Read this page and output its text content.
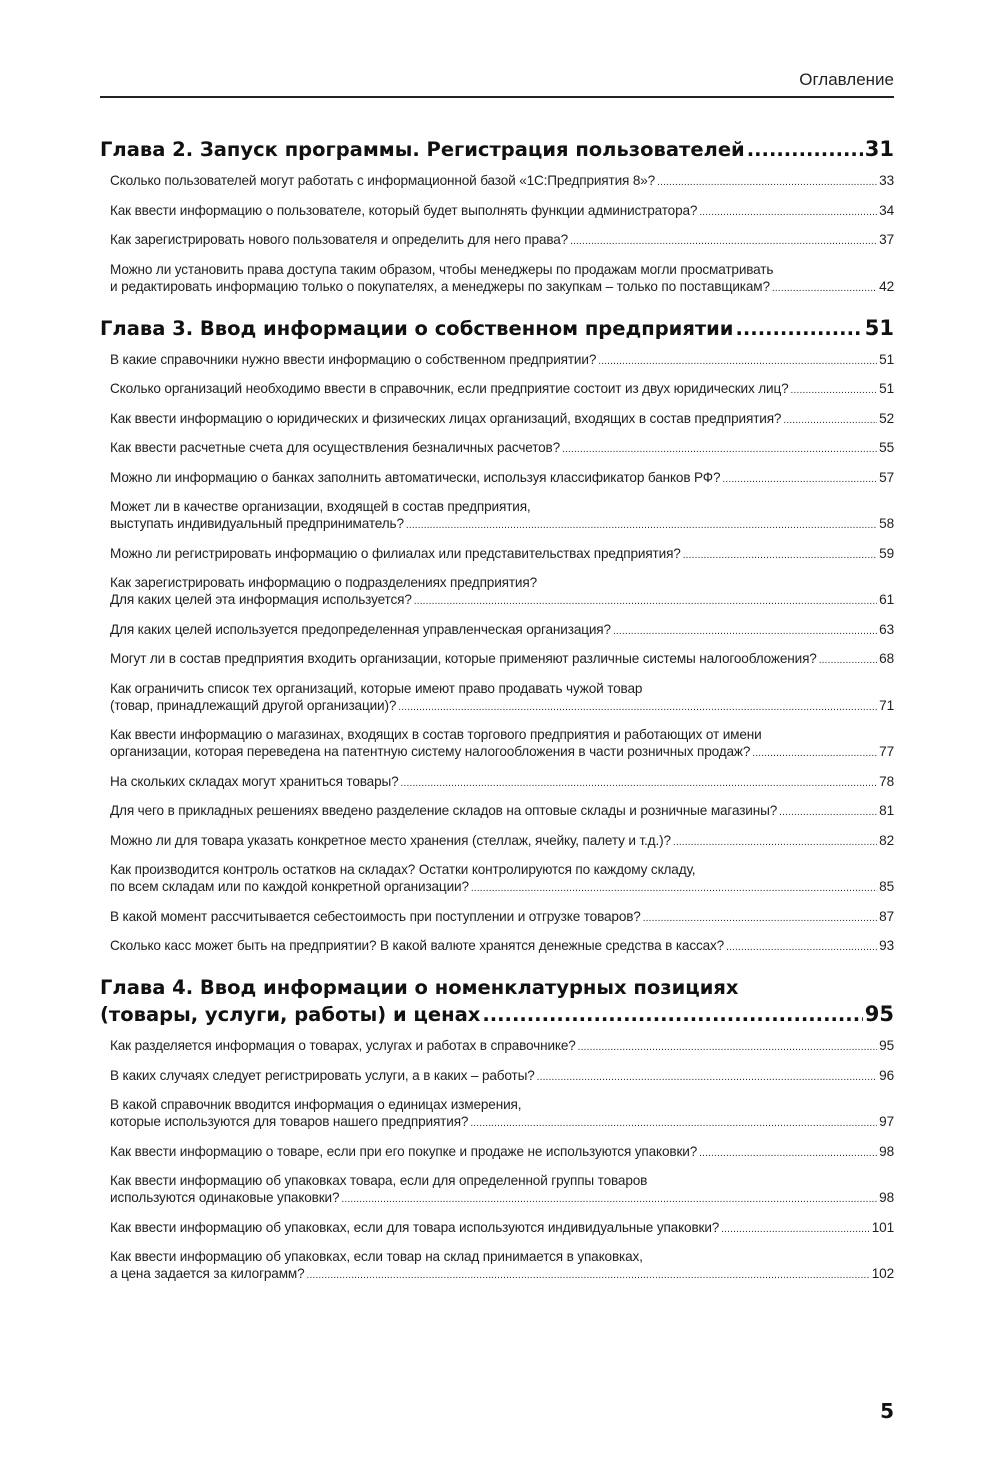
Оглавление
Глава 2. Запуск программы. Регистрация пользователей .....	31
Сколько пользователей могут работать с информационной базой «1С:Предприятия 8»? .....	33
Как ввести информацию о пользователе, который будет выполнять функции администратора? .....	34
Как зарегистрировать нового пользователя и определить для него права? .....	37
Можно ли установить права доступа таким образом, чтобы менеджеры по продажам могли просматривать
и редактировать информацию только о покупателях, а менеджеры по закупкам – только по поставщикам? .....	42
Глава 3. Ввод информации о собственном предприятии .....	51
В какие справочники нужно ввести информацию о собственном предприятии? .....	51
Сколько организаций необходимо ввести в справочник, если предприятие состоит из двух юридических лиц? .....	51
Как ввести информацию о юридических и физических лицах организаций, входящих в состав предприятия? .....	52
Как ввести расчетные счета для осуществления безналичных расчетов? .....	55
Можно ли информацию о банках заполнить автоматически, используя классификатор банков РФ? .....	57
Может ли в качестве организации, входящей в состав предприятия,
выступать индивидуальный предприниматель? .....	58
Можно ли регистрировать информацию о филиалах или представительствах предприятия? .....	59
Как зарегистрировать информацию о подразделениях предприятия?
Для каких целей эта информация используется? .....	61
Для каких целей используется предопределенная управленческая организация? .....	63
Могут ли в состав предприятия входить организации, которые применяют различные системы налогообложения? .....	68
Как ограничить список тех организаций, которые имеют право продавать чужой товар
(товар, принадлежащий другой организации)? .....	71
Как ввести информацию о магазинах, входящих в состав торгового предприятия и работающих от имени
организации, которая переведена на патентную систему налогообложения в части розничных продаж? .....	77
На скольких складах могут храниться товары? .....	78
Для чего в прикладных решениях введено разделение складов на оптовые склады и розничные магазины? .....	81
Можно ли для товара указать конкретное место хранения (стеллаж, ячейку, палету и т.д.)? .....	82
Как производится контроль остатков на складах? Остатки контролируются по каждому складу,
по всем складам или по каждой конкретной организации? .....	85
В какой момент рассчитывается себестоимость при поступлении и отгрузке товаров? .....	87
Сколько касс может быть на предприятии? В какой валюте хранятся денежные средства в кассах? .....	93
Глава 4. Ввод информации о номенклатурных позициях
(товары, услуги, работы) и ценах .....	95
Как разделяется информация о товарах, услугах и работах в справочнике? .....	95
В каких случаях следует регистрировать услуги, а в каких – работы? .....	96
В какой справочник вводится информация о единицах измерения,
которые используются для товаров нашего предприятия? .....	97
Как ввести информацию о товаре, если при его покупке и продаже не используются упаковки? .....	98
Как ввести информацию об упаковках товара, если для определенной группы товаров
используются одинаковые упаковки? .....	98
Как ввести информацию об упаковках, если для товара используются индивидуальные упаковки? .....	101
Как ввести информацию об упаковках, если товар на склад принимается в упаковках,
а цена задается за килограмм? .....	102
5
